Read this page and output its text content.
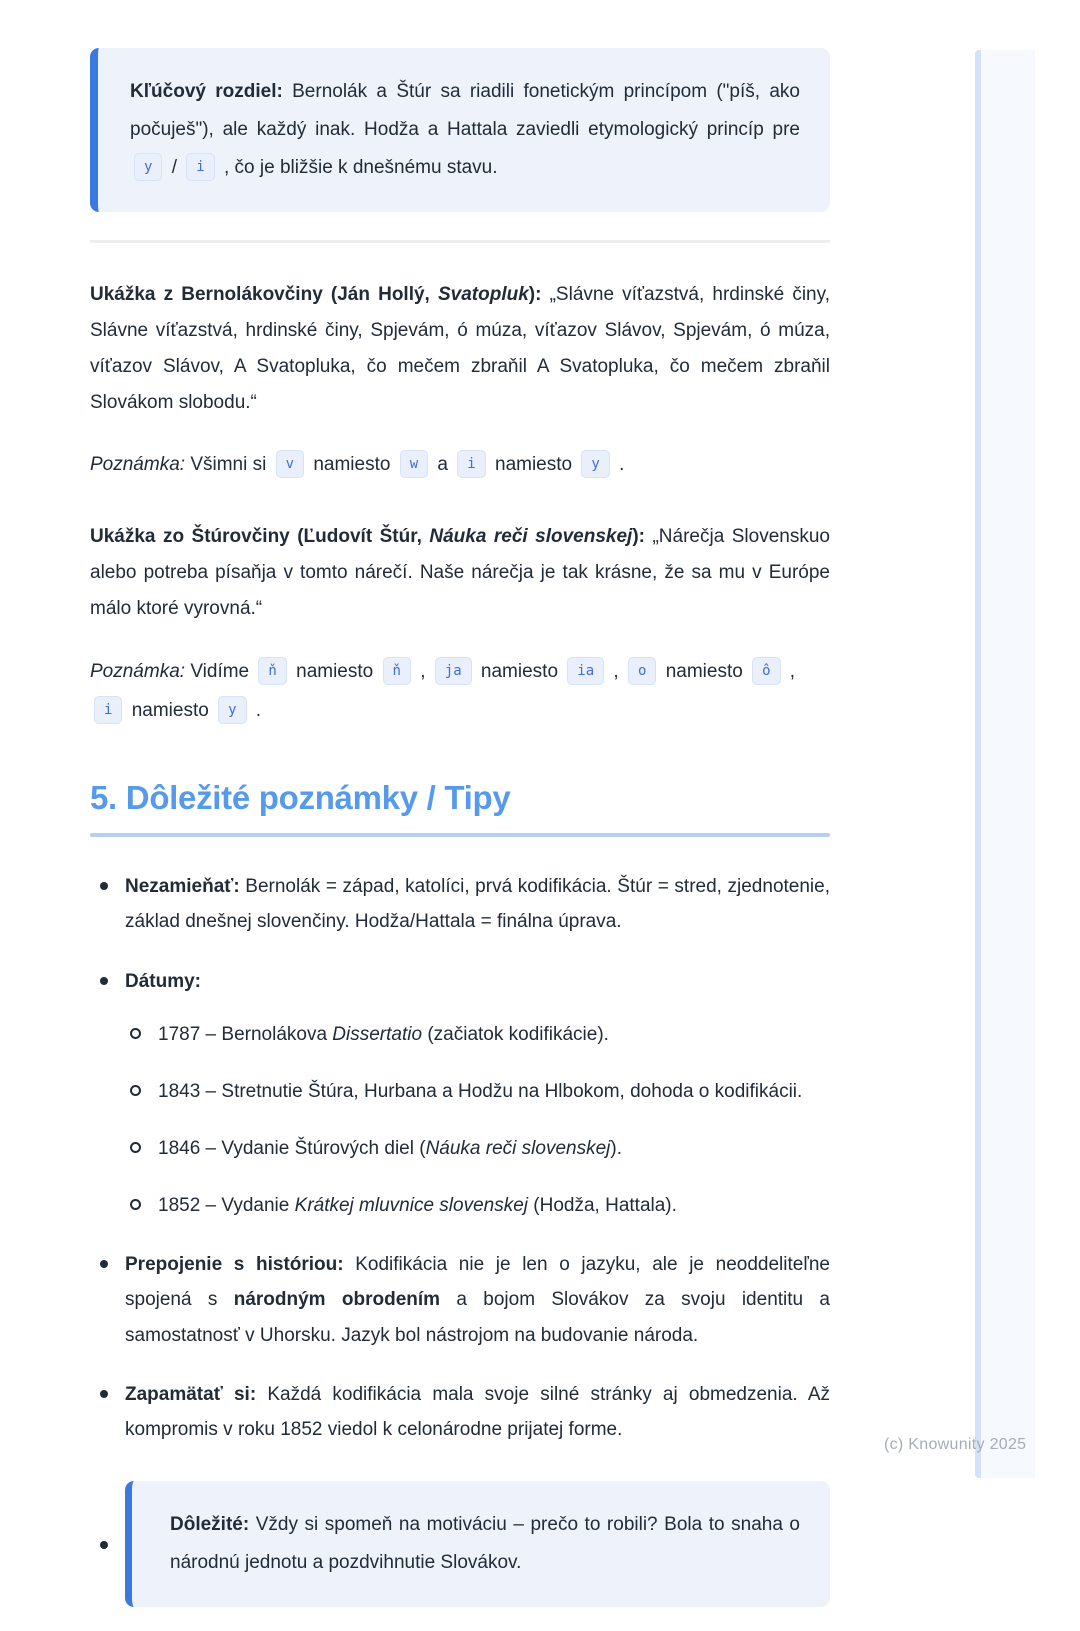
Kľúčový rozdiel: Bernolák a Štúr sa riadili fonetickým princípom ("píš, ako počuješ"), ale každý inak. Hodža a Hattala zaviedli etymologický princíp pre y / i , čo je bližšie k dnešnému stavu.

Ukážka z Bernolákovčiny (Ján Hollý, Svatopluk): „Slávne víťazstvá, hrdinské činy, Slávne víťazstvá, hrdinské činy, Spjevám, ó múza, víťazov Slávov, Spjevám, ó múza, víťazov Slávov, A Svatopluka, čo mečem zbraňil A Svatopluka, čo mečem zbraňil Slovákom slobodu.“

Poznámka: Všimni si v namiesto w a i namiesto y .

Ukážka zo Štúrovčiny (Ľudovít Štúr, Náuka reči slovenskej): „Nárečja Slovenskuo alebo potreba písaňja v tomto nárečí. Naše nárečja je tak krásne, že sa mu v Európe málo ktoré vyrovná.“

Poznámka: Vidíme ň namiesto ň , ja namiesto ia , o namiesto ô , i namiesto y .

5. Dôležité poznámky / Tipy
Nezamieňať: Bernolák = západ, katolíci, prvá kodifikácia. Štúr = stred, zjednotenie, základ dnešnej slovenčiny. Hodža/Hattala = finálna úprava.
Dátumy:
1787 – Bernolákova Dissertatio (začiatok kodifikácie).
1843 – Stretnutie Štúra, Hurbana a Hodžu na Hlbokom, dohoda o kodifikácii.
1846 – Vydanie Štúrových diel (Náuka reči slovenskej).
1852 – Vydanie Krátkej mluvnice slovenskej (Hodža, Hattala).
Prepojenie s históriou: Kodifikácia nie je len o jazyku, ale je neoddeliteľne spojená s národným obrodením a bojom Slovákov za svoju identitu a samostatnosť v Uhorsku. Jazyk bol nástrojom na budovanie národa.
Zapamätať si: Každá kodifikácia mala svoje silné stránky aj obmedzenia. Až kompromis v roku 1852 viedol k celonárodne prijatej forme.
Dôležité: Vždy si spomeň na motiváciu – prečo to robili? Bola to snaha o národnú jednotu a pozdvihnutie Slovákov.
(c) Knowunity 2025
